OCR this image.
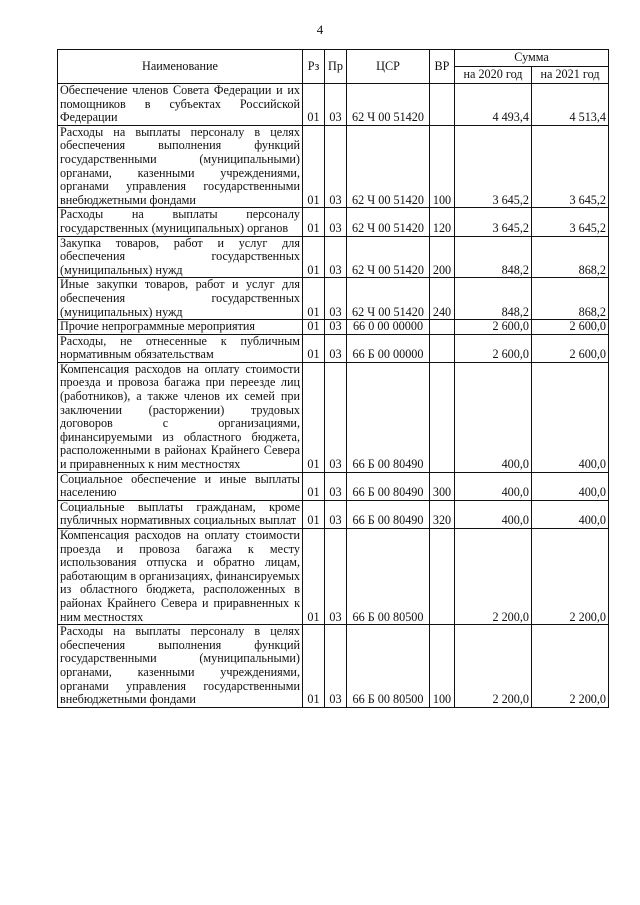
4
Наименование	Рз	Пр	ЦСР	ВР	Сумма	
					на 2020 год	на 2021 год
Обеспечение членов Совета Федерации и их помощников в субъектах Российской Федерации	01	03	62 Ч 00 51420		4 493,4	4 513,4
Расходы на выплаты персоналу в целях обеспечения выполнения функций государственными (муниципальными) органами, казенными учреждениями, органами управления государственными внебюджетными фондами	01	03	62 Ч 00 51420	100	3 645,2	3 645,2
Расходы на выплаты персоналу государственных (муниципальных) органов	01	03	62 Ч 00 51420	120	3 645,2	3 645,2
Закупка товаров, работ и услуг для обеспечения государственных (муниципальных) нужд	01	03	62 Ч 00 51420	200	848,2	868,2
Иные закупки товаров, работ и услуг для обеспечения государственных (муниципальных) нужд	01	03	62 Ч 00 51420	240	848,2	868,2
Прочие непрограммные мероприятия	01	03	66 0 00 00000		2 600,0	2 600,0
Расходы, не отнесенные к публичным нормативным обязательствам	01	03	66 Б 00 00000		2 600,0	2 600,0
Компенсация расходов на оплату стоимости проезда и провоза багажа при переезде лиц (работников), а также членов их семей при заключении (расторжении) трудовых договоров с организациями, финансируемыми из областного бюджета, расположенными в районах Крайнего Севера и приравненных к ним местностях	01	03	66 Б 00 80490		400,0	400,0
Социальное обеспечение и иные выплаты населению	01	03	66 Б 00 80490	300	400,0	400,0
Социальные выплаты гражданам, кроме публичных нормативных социальных выплат	01	03	66 Б 00 80490	320	400,0	400,0
Компенсация расходов на оплату стоимости проезда и провоза багажа к месту использования отпуска и обратно лицам, работающим в организациях, финансируемых из областного бюджета, расположенных в районах Крайнего Севера и приравненных к ним местностях	01	03	66 Б 00 80500		2 200,0	2 200,0
Расходы на выплаты персоналу в целях обеспечения выполнения функций государственными (муниципальными) органами, казенными учреждениями, органами управления государственными внебюджетными фондами	01	03	66 Б 00 80500	100	2 200,0	2 200,0
